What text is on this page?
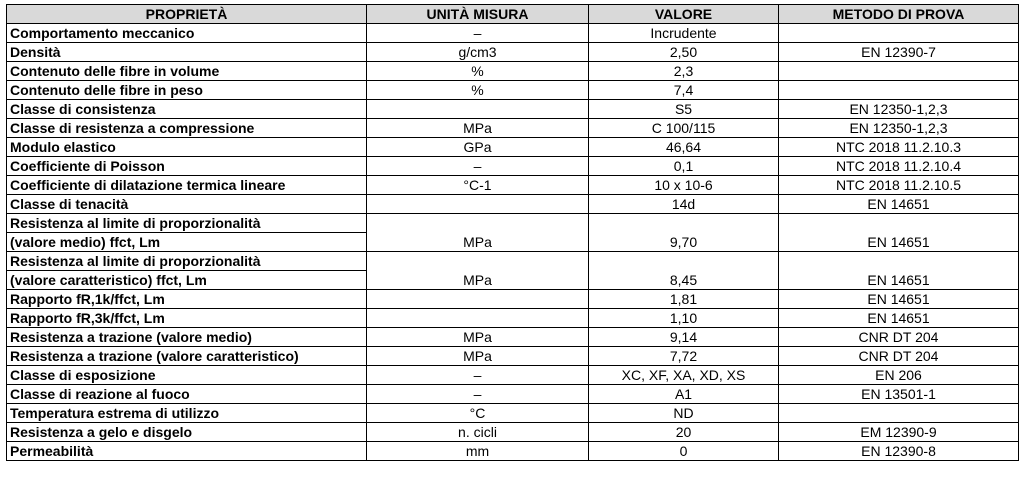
PROPRIETÀ	UNITÀ MISURA	VALORE	METODO DI PROVA

Comportamento meccanico	–	Incrudente	

Densità	g/cm3	2,50	EN 12390-7

Contenuto delle fibre in volume	%	2,3	

Contenuto delle fibre in peso	%	7,4	

Classe di consistenza		S5	EN 12350-1,2,3

Classe di resistenza a compressione	MPa	C 100/115	EN 12350-1,2,3

Modulo elastico	GPa	46,64	NTC 2018 11.2.10.3

Coefficiente di Poisson	–	0,1	NTC 2018 11.2.10.4

Coefficiente di dilatazione termica lineare	°C-1	10 x 10-6	NTC 2018 11.2.10.5

Classe di tenacità		14d	EN 14651

Resistenza al limite di proporzionalità
(valore medio) ffct, Lm	MPa	9,70	EN 14651

Resistenza al limite di proporzionalità
(valore caratteristico) ffct, Lm	MPa	8,45	EN 14651

Rapporto fR,1k/ffct, Lm		1,81	EN 14651

Rapporto fR,3k/ffct, Lm		1,10	EN 14651

Resistenza a trazione (valore medio)	MPa	9,14	CNR DT 204

Resistenza a trazione (valore caratteristico)	MPa	7,72	CNR DT 204

Classe di esposizione	–	XC, XF, XA, XD, XS	EN 206

Classe di reazione al fuoco	–	A1	EN 13501-1

Temperatura estrema di utilizzo	°C	ND	

Resistenza a gelo e disgelo	n. cicli	20	EM 12390-9

Permeabilità	mm	0	EN 12390-8
